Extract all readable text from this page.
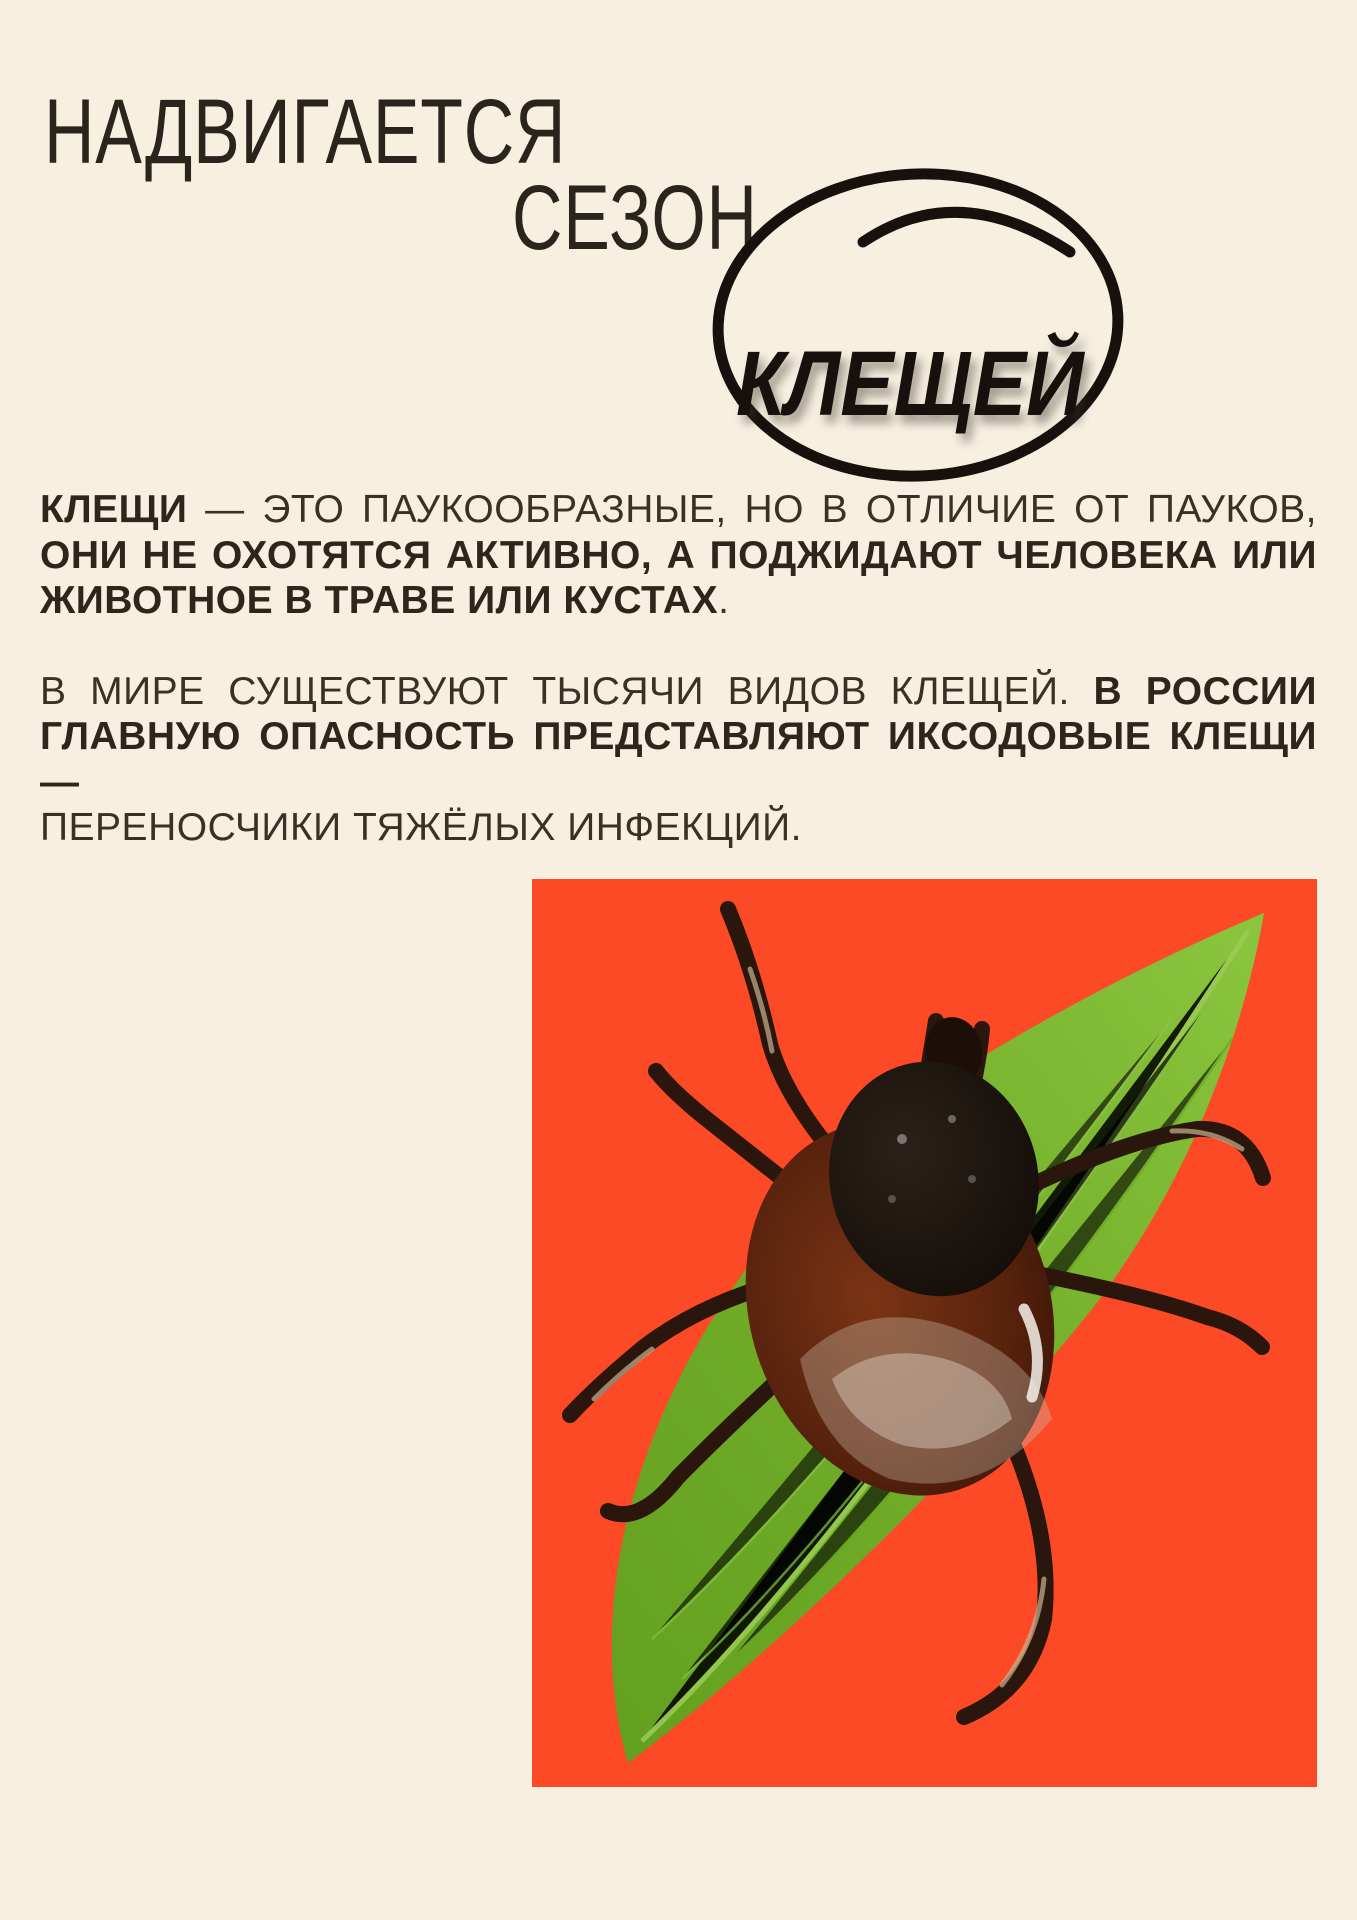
НАДВИГАЕТСЯ
СЕЗОН
КЛЕЩЕЙ
КЛЕЩИ — ЭТО ПАУКООБРАЗНЫЕ, НО В ОТЛИЧИЕ ОТ ПАУКОВ,
ОНИ НЕ ОХОТЯТСЯ АКТИВНО, А ПОДЖИДАЮТ ЧЕЛОВЕКА ИЛИ
ЖИВОТНОЕ В ТРАВЕ ИЛИ КУСТАХ.
В МИРЕ СУЩЕСТВУЮТ ТЫСЯЧИ ВИДОВ КЛЕЩЕЙ. В РОССИИ
ГЛАВНУЮ ОПАСНОСТЬ ПРЕДСТАВЛЯЮТ ИКСОДОВЫЕ КЛЕЩИ —
ПЕРЕНОСЧИКИ ТЯЖЁЛЫХ ИНФЕКЦИЙ.
